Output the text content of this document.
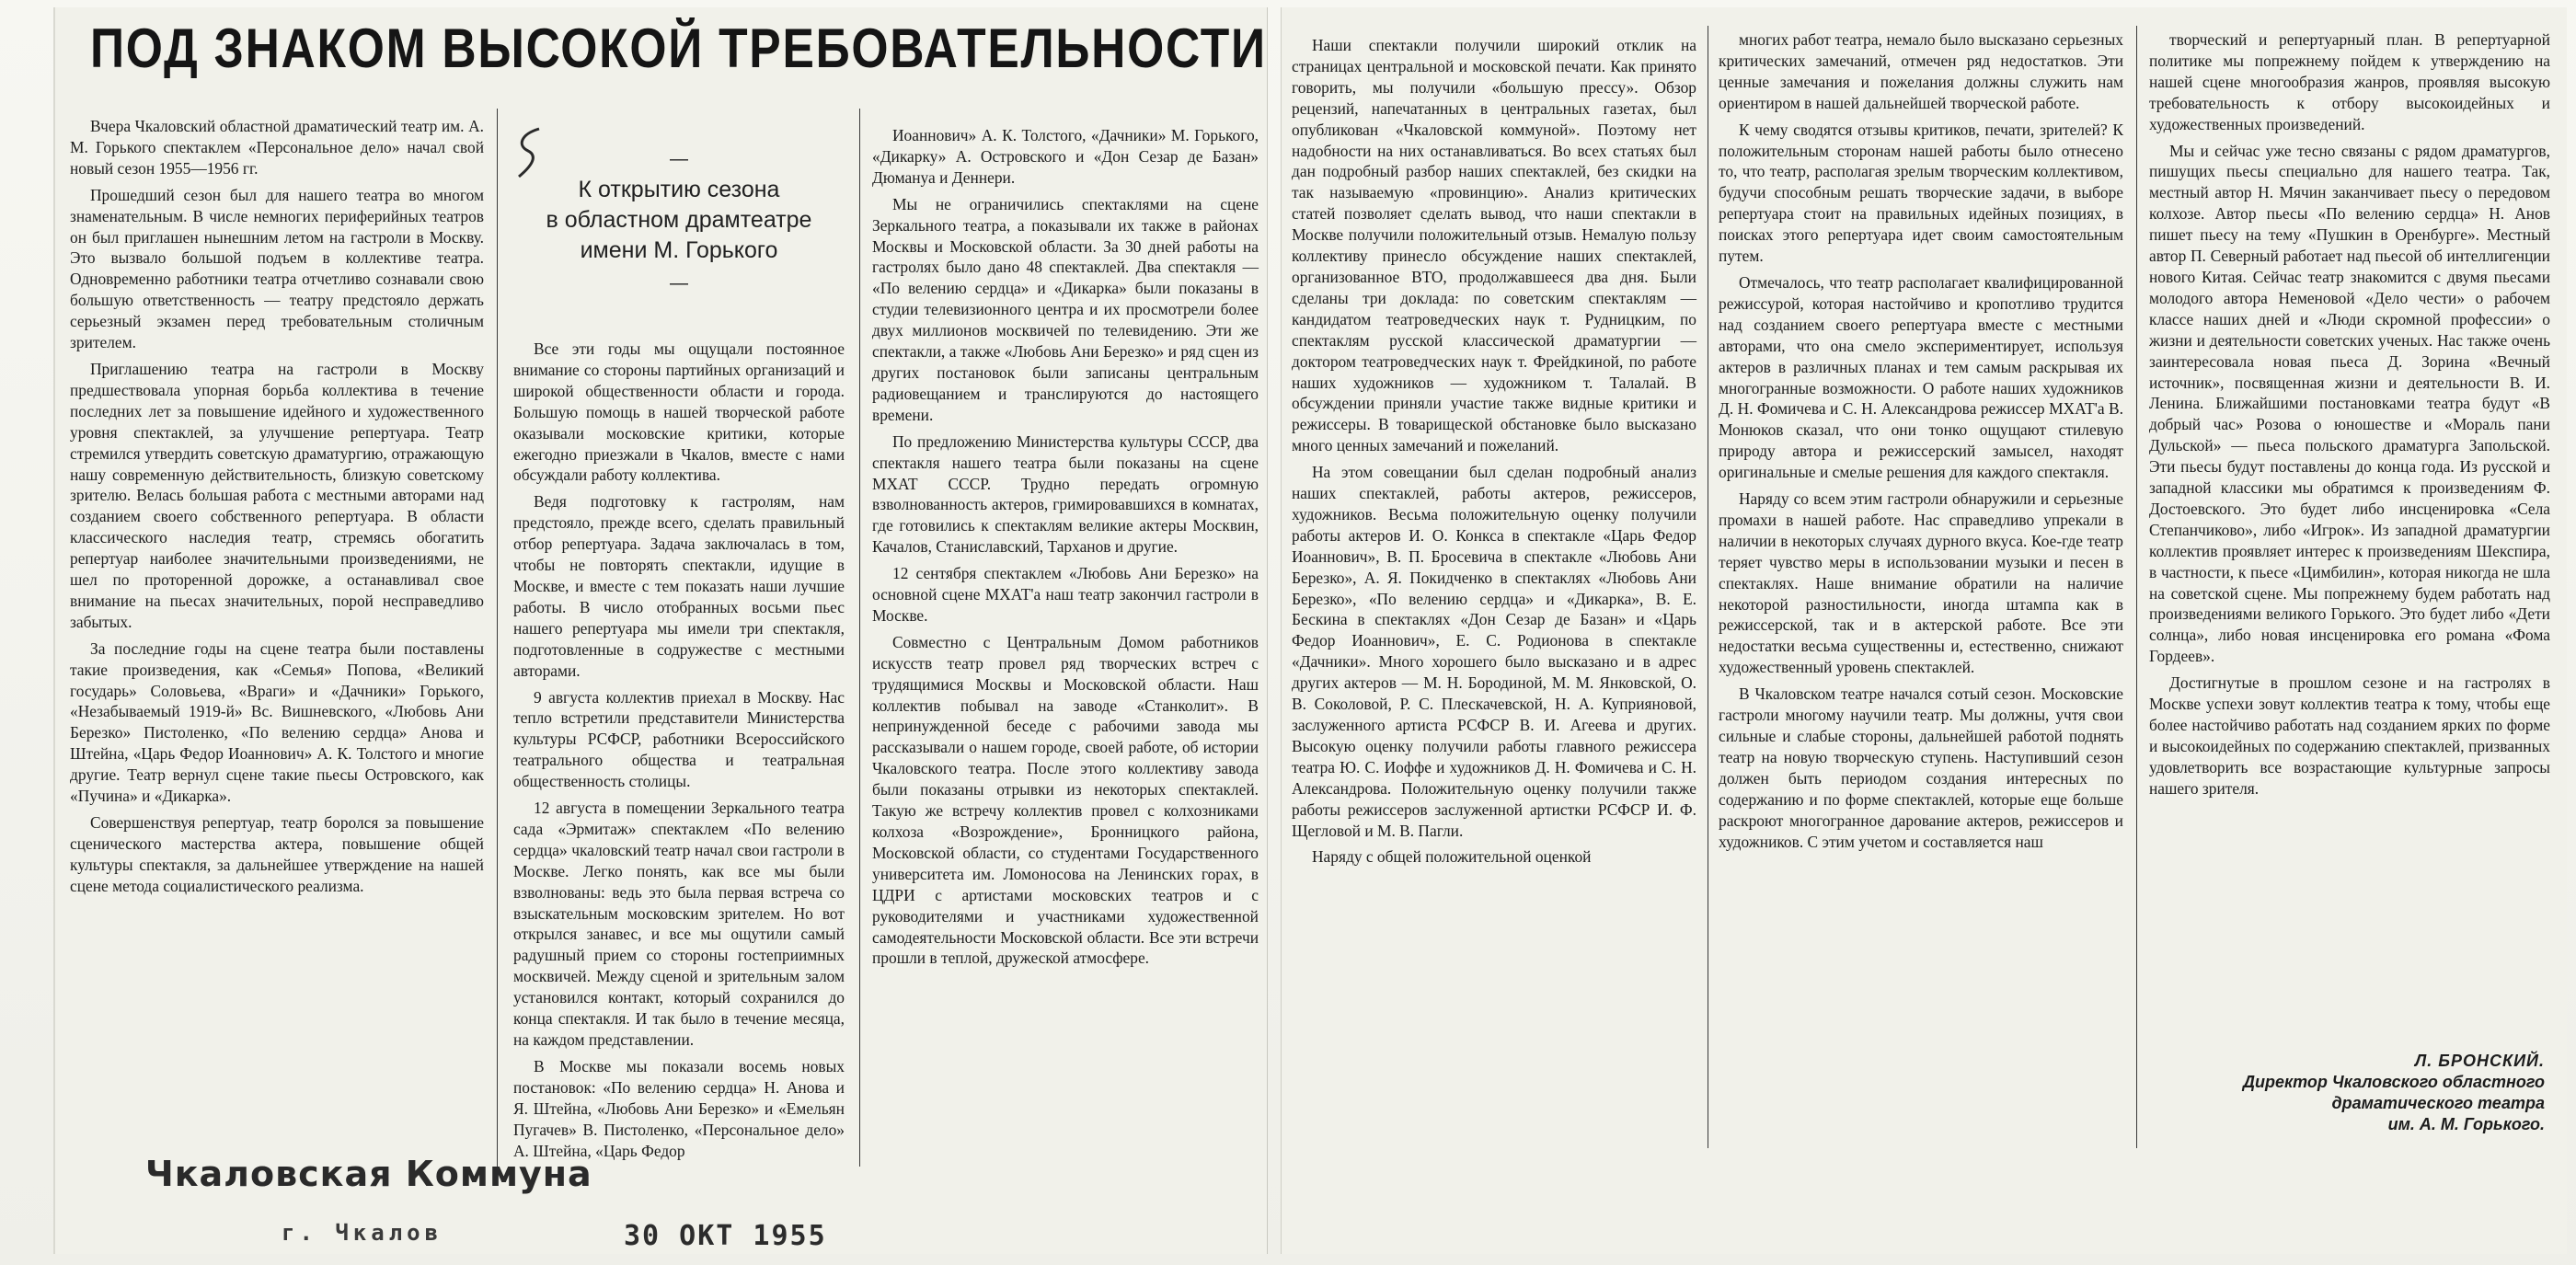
ПОД ЗНАКОМ ВЫСОКОЙ ТРЕБОВАТЕЛЬНОСТИ

Вчера Чкаловский областной драматический театр им. А. М. Горького спектаклем «Персональное дело» начал свой новый сезон 1955—1956 гг.

Прошедший сезон был для нашего театра во многом знаменательным. В числе немногих периферийных театров он был приглашен нынешним летом на гастроли в Москву. Это вызвало большой подъем в коллективе театра. Одновременно работники театра отчетливо сознавали свою большую ответственность — театру предстояло держать серьезный экзамен перед требовательным столичным зрителем.

Приглашению театра на гастроли в Москву предшествовала упорная борьба коллектива в течение последних лет за повышение идейного и художественного уровня спектаклей, за улучшение репертуара. Театр стремился утвердить советскую драматургию, отражающую нашу современную действительность, близкую советскому зрителю. Велась большая работа с местными авторами над созданием своего собственного репертуара. В области классического наследия театр, стремясь обогатить репертуар наиболее значительными произведениями, не шел по проторенной дорожке, а останавливал свое внимание на пьесах значительных, порой несправедливо забытых.

За последние годы на сцене театра были поставлены такие произведения, как «Семья» Попова, «Великий государь» Соловьева, «Враги» и «Дачники» Горького, «Незабываемый 1919-й» Вс. Вишневского, «Любовь Ани Березко» Пистоленко, «По велению сердца» Анова и Штейна, «Царь Федор Иоаннович» А. К. Толстого и многие другие. Театр вернул сцене такие пьесы Островского, как «Пучина» и «Дикарка».

Совершенствуя репертуар, театр боролся за повышение сценического мастерства актера, повышение общей культуры спектакля, за дальнейшее утверждение на нашей сцене метода социалистического реализма.

—
К открытию сезона
в областном драмтеатре
имени М. Горького
—

Все эти годы мы ощущали постоянное внимание со стороны партийных организаций и широкой общественности области и города. Большую помощь в нашей творческой работе оказывали московские критики, которые ежегодно приезжали в Чкалов, вместе с нами обсуждали работу коллектива.

Ведя подготовку к гастролям, нам предстояло, прежде всего, сделать правильный отбор репертуара. Задача заключалась в том, чтобы не повторять спектакли, идущие в Москве, и вместе с тем показать наши лучшие работы. В число отобранных восьми пьес нашего репертуара мы имели три спектакля, подготовленные в содружестве с местными авторами.

9 августа коллектив приехал в Москву. Нас тепло встретили представители Министерства культуры РСФСР, работники Всероссийского театрального общества и театральная общественность столицы.

12 августа в помещении Зеркального театра сада «Эрмитаж» спектаклем «По велению сердца» чкаловский театр начал свои гастроли в Москве. Легко понять, как все мы были взволнованы: ведь это была первая встреча со взыскательным московским зрителем. Но вот открылся занавес, и все мы ощутили самый радушный прием со стороны гостеприимных москвичей. Между сценой и зрительным залом установился контакт, который сохранился до конца спектакля. И так было в течение месяца, на каждом представлении.

В Москве мы показали восемь новых постановок: «По велению сердца» Н. Анова и Я. Штейна, «Любовь Ани Березко» и «Емельян Пугачев» В. Пистоленко, «Персональное дело» А. Штейна, «Царь Федор

Иоаннович» А. К. Толстого, «Дачники» М. Горького, «Дикарку» А. Островского и «Дон Сезар де Базан» Дюмануа и Деннери.

Мы не ограничились спектаклями на сцене Зеркального театра, а показывали их также в районах Москвы и Московской области. За 30 дней работы на гастролях было дано 48 спектаклей. Два спектакля — «По велению сердца» и «Дикарка» были показаны в студии телевизионного центра и их просмотрели более двух миллионов москвичей по телевидению. Эти же спектакли, а также «Любовь Ани Березко» и ряд сцен из других постановок были записаны центральным радиовещанием и транслируются до настоящего времени.

По предложению Министерства культуры СССР, два спектакля нашего театра были показаны на сцене МХАТ СССР. Трудно передать огромную взволнованность актеров, гримировавшихся в комнатах, где готовились к спектаклям великие актеры Москвин, Качалов, Станиславский, Тарханов и другие.

12 сентября спектаклем «Любовь Ани Березко» на основной сцене МХАТ'а наш театр закончил гастроли в Москве.

Совместно с Центральным Домом работников искусств театр провел ряд творческих встреч с трудящимися Москвы и Московской области. Наш коллектив побывал на заводе «Станколит». В непринужденной беседе с рабочими завода мы рассказывали о нашем городе, своей работе, об истории Чкаловского театра. После этого коллективу завода были показаны отрывки из некоторых спектаклей. Такую же встречу коллектив провел с колхозниками колхоза «Возрождение», Бронницкого района, Московской области, со студентами Государственного университета им. Ломоносова на Ленинских горах, в ЦДРИ с артистами московских театров и с руководителями и участниками художественной самодеятельности Московской области. Все эти встречи прошли в теплой, дружеской атмосфере.

Чкаловская Коммуна
г. Чкалов	30 ОКТ 1955

Наши спектакли получили широкий отклик на страницах центральной и московской печати. Как принято говорить, мы получили «большую прессу». Обзор рецензий, напечатанных в центральных газетах, был опубликован «Чкаловской коммуной». Поэтому нет надобности на них останавливаться. Во всех статьях был дан подробный разбор наших спектаклей, без скидки на так называемую «провинцию». Анализ критических статей позволяет сделать вывод, что наши спектакли в Москве получили положительный отзыв. Немалую пользу коллективу принесло обсуждение наших спектаклей, организованное ВТО, продолжавшееся два дня. Были сделаны три доклада: по советским спектаклям — кандидатом театроведческих наук т. Рудницким, по спектаклям русской классической драматургии — доктором театроведческих наук т. Фрейдкиной, по работе наших художников — художником т. Талалай. В обсуждении приняли участие также видные критики и режиссеры. В товарищеской обстановке было высказано много ценных замечаний и пожеланий.

На этом совещании был сделан подробный анализ наших спектаклей, работы актеров, режиссеров, художников. Весьма положительную оценку получили работы актеров И. О. Конкса в спектакле «Царь Федор Иоаннович», В. П. Бросевича в спектакле «Любовь Ани Березко», А. Я. Покидченко в спектаклях «Любовь Ани Березко», «По велению сердца» и «Дикарка», В. Е. Бескина в спектаклях «Дон Сезар де Базан» и «Царь Федор Иоаннович», Е. С. Родионова в спектакле «Дачники». Много хорошего было высказано и в адрес других актеров — М. Н. Бородиной, М. М. Янковской, О. В. Соколовой, Р. С. Плескачевской, Н. А. Куприяновой, заслуженного артиста РСФСР В. И. Агеева и других. Высокую оценку получили работы главного режиссера театра Ю. С. Иоффе и художников Д. Н. Фомичева и С. Н. Александрова. Положительную оценку получили также работы режиссеров заслуженной артистки РСФСР И. Ф. Щегловой и М. В. Пагли.

Наряду с общей положительной оценкой

многих работ театра, немало было высказано серьезных критических замечаний, отмечен ряд недостатков. Эти ценные замечания и пожелания должны служить нам ориентиром в нашей дальнейшей творческой работе.

К чему сводятся отзывы критиков, печати, зрителей? К положительным сторонам нашей работы было отнесено то, что театр, располагая зрелым творческим коллективом, будучи способным решать творческие задачи, в выборе репертуара стоит на правильных идейных позициях, в поисках этого репертуара идет своим самостоятельным путем.

Отмечалось, что театр располагает квалифицированной режиссурой, которая настойчиво и кропотливо трудится над созданием своего репертуара вместе с местными авторами, что она смело экспериментирует, используя актеров в различных планах и тем самым раскрывая их многогранные возможности. О работе наших художников Д. Н. Фомичева и С. Н. Александрова режиссер МХАТ'а В. Монюков сказал, что они тонко ощущают стилевую природу автора и режиссерский замысел, находят оригинальные и смелые решения для каждого спектакля.

Наряду со всем этим гастроли обнаружили и серьезные промахи в нашей работе. Нас справедливо упрекали в наличии в некоторых случаях дурного вкуса. Кое-где театр теряет чувство меры в использовании музыки и песен в спектаклях. Наше внимание обратили на наличие некоторой разностильности, иногда штампа как в режиссерской, так и в актерской работе. Все эти недостатки весьма существенны и, естественно, снижают художественный уровень спектаклей.

В Чкаловском театре начался сотый сезон. Московские гастроли многому научили театр. Мы должны, учтя свои сильные и слабые стороны, дальнейшей работой поднять театр на новую творческую ступень. Наступивший сезон должен быть периодом создания интересных по содержанию и по форме спектаклей, которые еще больше раскроют многогранное дарование актеров, режиссеров и художников. С этим учетом и составляется наш

творческий и репертуарный план. В репертуарной политике мы попрежнему пойдем к утверждению на нашей сцене многообразия жанров, проявляя высокую требовательность к отбору высокоидейных и художественных произведений.

Мы и сейчас уже тесно связаны с рядом драматургов, пишущих пьесы специально для нашего театра. Так, местный автор Н. Мячин заканчивает пьесу о передовом колхозе. Автор пьесы «По велению сердца» Н. Анов пишет пьесу на тему «Пушкин в Оренбурге». Местный автор П. Северный работает над пьесой об интеллигенции нового Китая. Сейчас театр знакомится с двумя пьесами молодого автора Неменовой «Дело чести» о рабочем классе наших дней и «Люди скромной профессии» о жизни и деятельности советских ученых. Нас также очень заинтересовала новая пьеса Д. Зорина «Вечный источник», посвященная жизни и деятельности В. И. Ленина. Ближайшими постановками театра будут «В добрый час» Розова о юношестве и «Мораль пани Дульской» — пьеса польского драматурга Запольской. Эти пьесы будут поставлены до конца года. Из русской и западной классики мы обратимся к произведениям Ф. Достоевского. Это будет либо инсценировка «Села Степанчиково», либо «Игрок». Из западной драматургии коллектив проявляет интерес к произведениям Шекспира, в частности, к пьесе «Цимбилин», которая никогда не шла на советской сцене. Мы попрежнему будем работать над произведениями великого Горького. Это будет либо «Дети солнца», либо новая инсценировка его романа «Фома Гордеев».

Достигнутые в прошлом сезоне и на гастролях в Москве успехи зовут коллектив театра к тому, чтобы еще более настойчиво работать над созданием ярких по форме и высокоидейных по содержанию спектаклей, призванных удовлетворить все возрастающие культурные запросы нашего зрителя.

Л. БРОНСКИЙ.
Директор Чкаловского областного
драматического театра
им. А. М. Горького.
